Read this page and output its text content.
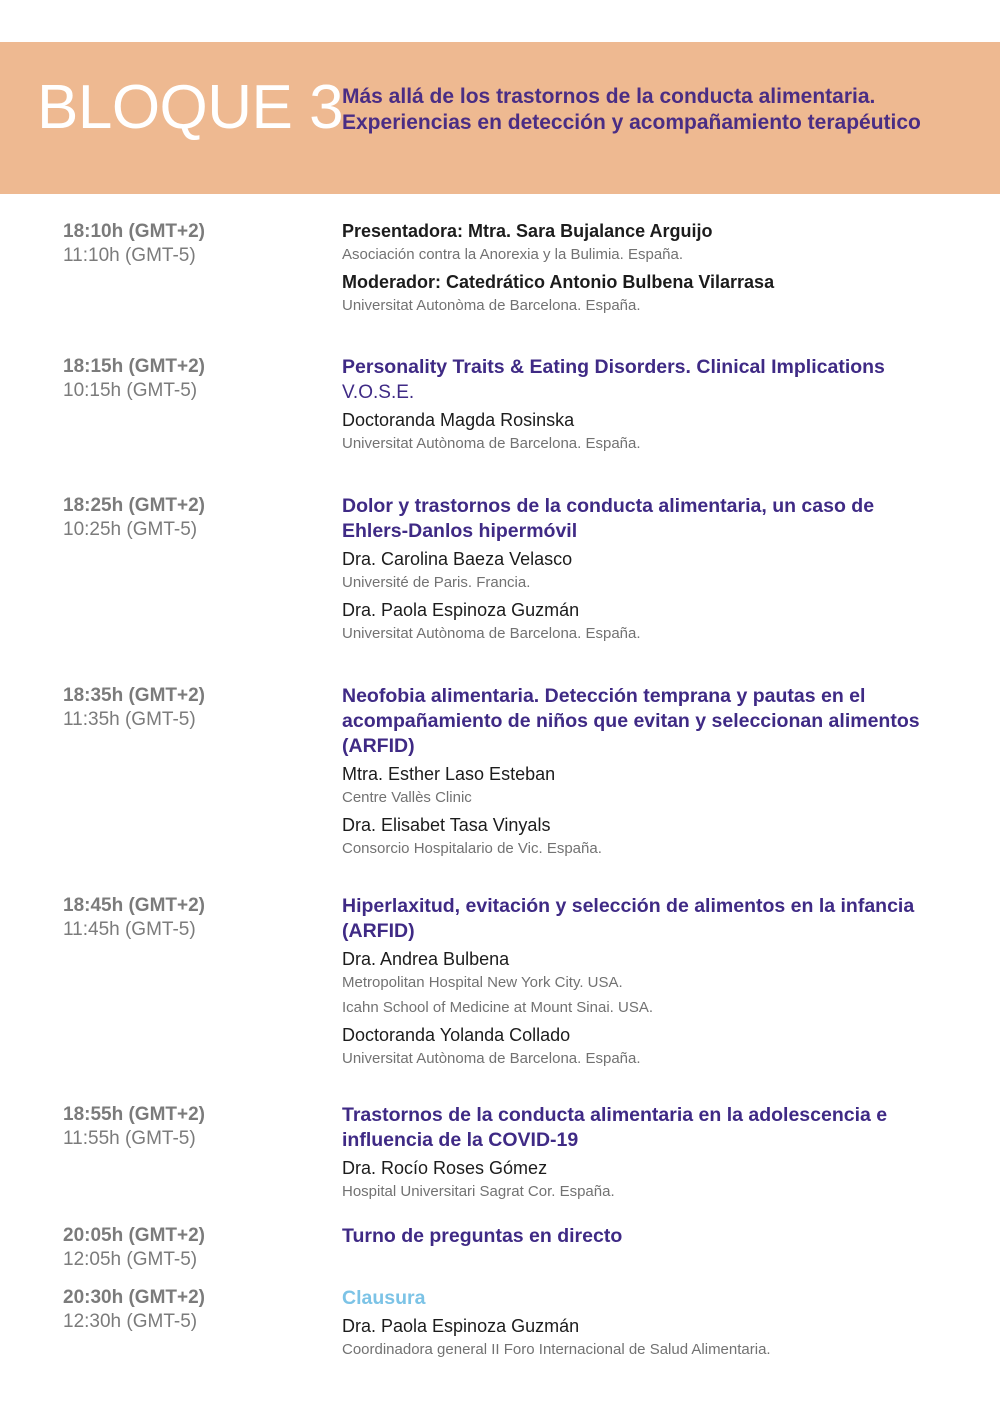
BLOQUE 3
Más allá de los trastornos de la conducta alimentaria.
Experiencias en detección y acompañamiento terapéutico
18:10h (GMT+2)
11:10h (GMT-5)
Presentadora: Mtra. Sara Bujalance Arguijo
Asociación contra la Anorexia y la Bulimia. España.
Moderador: Catedrático Antonio Bulbena Vilarrasa
Universitat Autonòma de Barcelona. España.
18:15h (GMT+2)
10:15h (GMT-5)
Personality Traits & Eating Disorders. Clinical Implications
V.O.S.E.
Doctoranda Magda Rosinska
Universitat Autònoma de Barcelona. España.
18:25h (GMT+2)
10:25h (GMT-5)
Dolor y trastornos de la conducta alimentaria, un caso de
Ehlers-Danlos hipermóvil
Dra. Carolina Baeza Velasco
Université de Paris. Francia.
Dra. Paola Espinoza Guzmán
Universitat Autònoma de Barcelona. España.
18:35h (GMT+2)
11:35h (GMT-5)
Neofobia alimentaria. Detección temprana y pautas en el
acompañamiento de niños que evitan y seleccionan alimentos
(ARFID)
Mtra. Esther Laso Esteban
Centre Vallès Clinic
Dra. Elisabet Tasa Vinyals
Consorcio Hospitalario de Vic. España.
18:45h (GMT+2)
11:45h (GMT-5)
Hiperlaxitud, evitación y selección de alimentos en la infancia
(ARFID)
Dra. Andrea Bulbena
Metropolitan Hospital New York City. USA.
Icahn School of Medicine at Mount Sinai. USA.
Doctoranda Yolanda Collado
Universitat Autònoma de Barcelona. España.
18:55h (GMT+2)
11:55h (GMT-5)
Trastornos de la conducta alimentaria en la adolescencia e
influencia de la COVID-19
Dra. Rocío Roses Gómez
Hospital Universitari Sagrat Cor. España.
20:05h (GMT+2)
12:05h (GMT-5)
Turno de preguntas en directo
20:30h (GMT+2)
12:30h (GMT-5)
Clausura
Dra. Paola Espinoza Guzmán
Coordinadora general II Foro Internacional de Salud Alimentaria.
